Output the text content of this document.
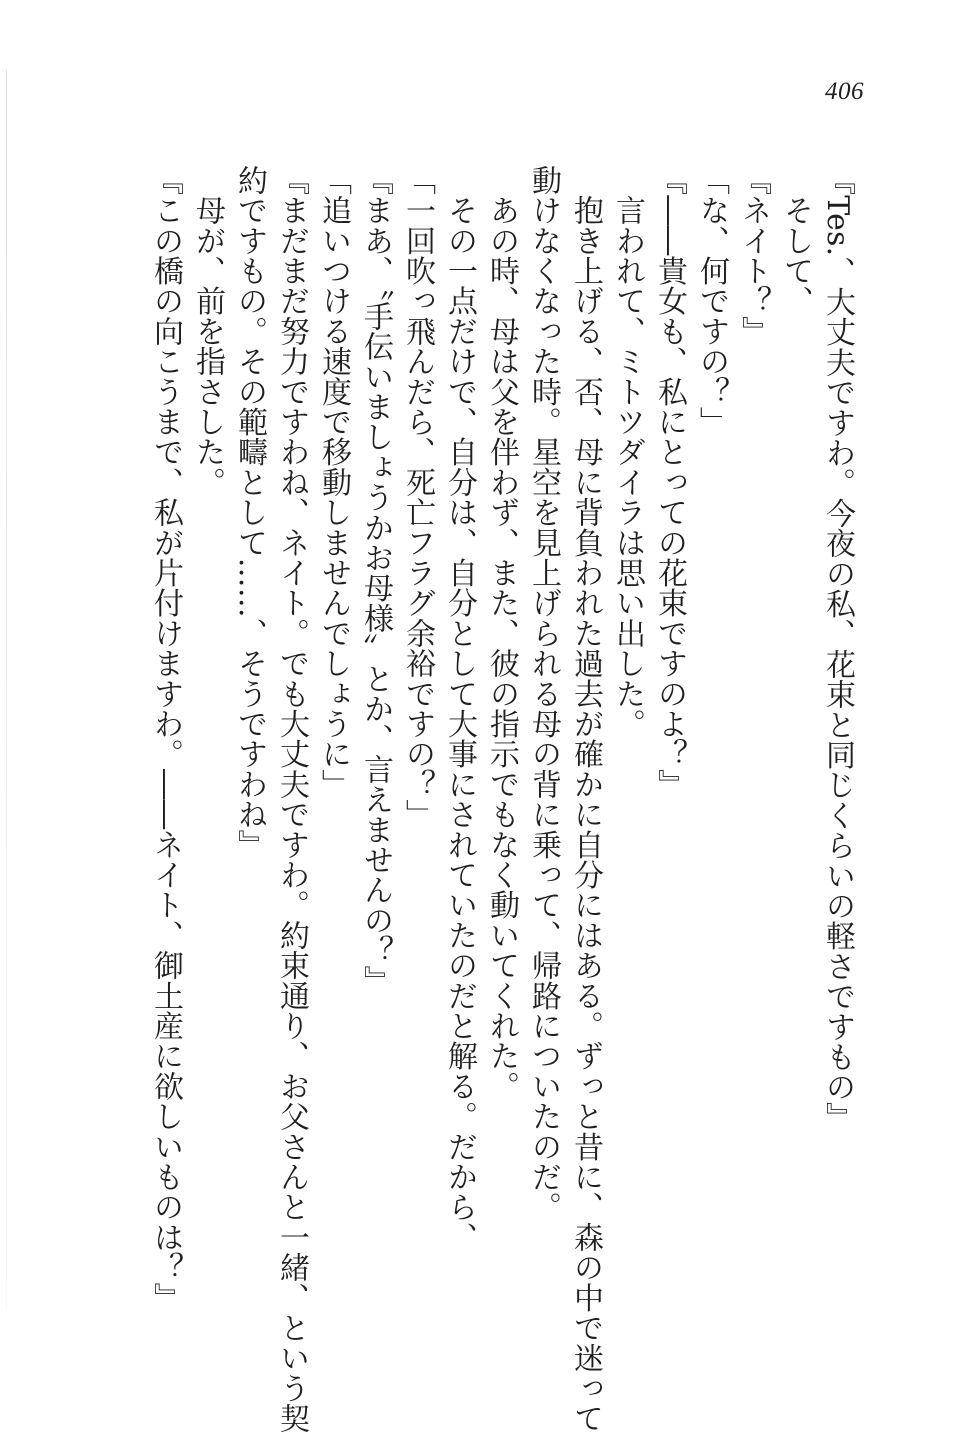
406
『Tes.、大丈夫ですわ。今夜の私、花束と同じくらいの軽さですもの』
　そして、
『ネイト？』
「な、何ですの？」
『――貴女も、私にとっての花束ですのよ？』
　言われて、ミトツダイラは思い出した。
　抱き上げる、否、母に背負われた過去が確かに自分にはある。ずっと昔に、森の中で迷って
動けなくなった時。星空を見上げられる母の背に乗って、帰路についたのだ。
　あの時、母は父を伴わず、また、彼の指示でもなく動いてくれた。
　その一点だけで、自分は、自分として大事にされていたのだと解る。だから、
「一回吹っ飛んだら、死亡フラグ余裕ですの？」
『まあ、〝手伝いましょうかお母様〟とか、言えませんの？』
「追いつける速度で移動しませんでしょうに」
『まだまだ努力ですわね、ネイト。でも大丈夫ですわ。約束通り、お父さんと一緒、という契
約ですもの。その範疇として……、そうですわね』
　母が、前を指さした。
『この橋の向こうまで、私が片付けますわ。――ネイト、御土産に欲しいものは？』
